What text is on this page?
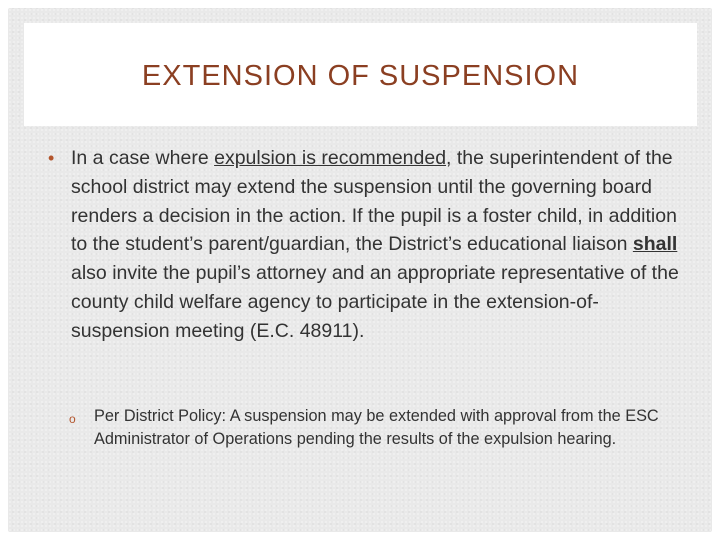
EXTENSION OF SUSPENSION
• In a case where expulsion is recommended, the superintendent of the school district may extend the suspension until the governing board renders a decision in the action. If the pupil is a foster child, in addition to the student’s parent/guardian, the District’s educational liaison shall also invite the pupil’s attorney and an appropriate representative of the county child welfare agency to participate in the extension-of-suspension meeting (E.C. 48911).
o	Per District Policy: A suspension may be extended with approval from the ESC Administrator of Operations pending the results of the expulsion hearing.
